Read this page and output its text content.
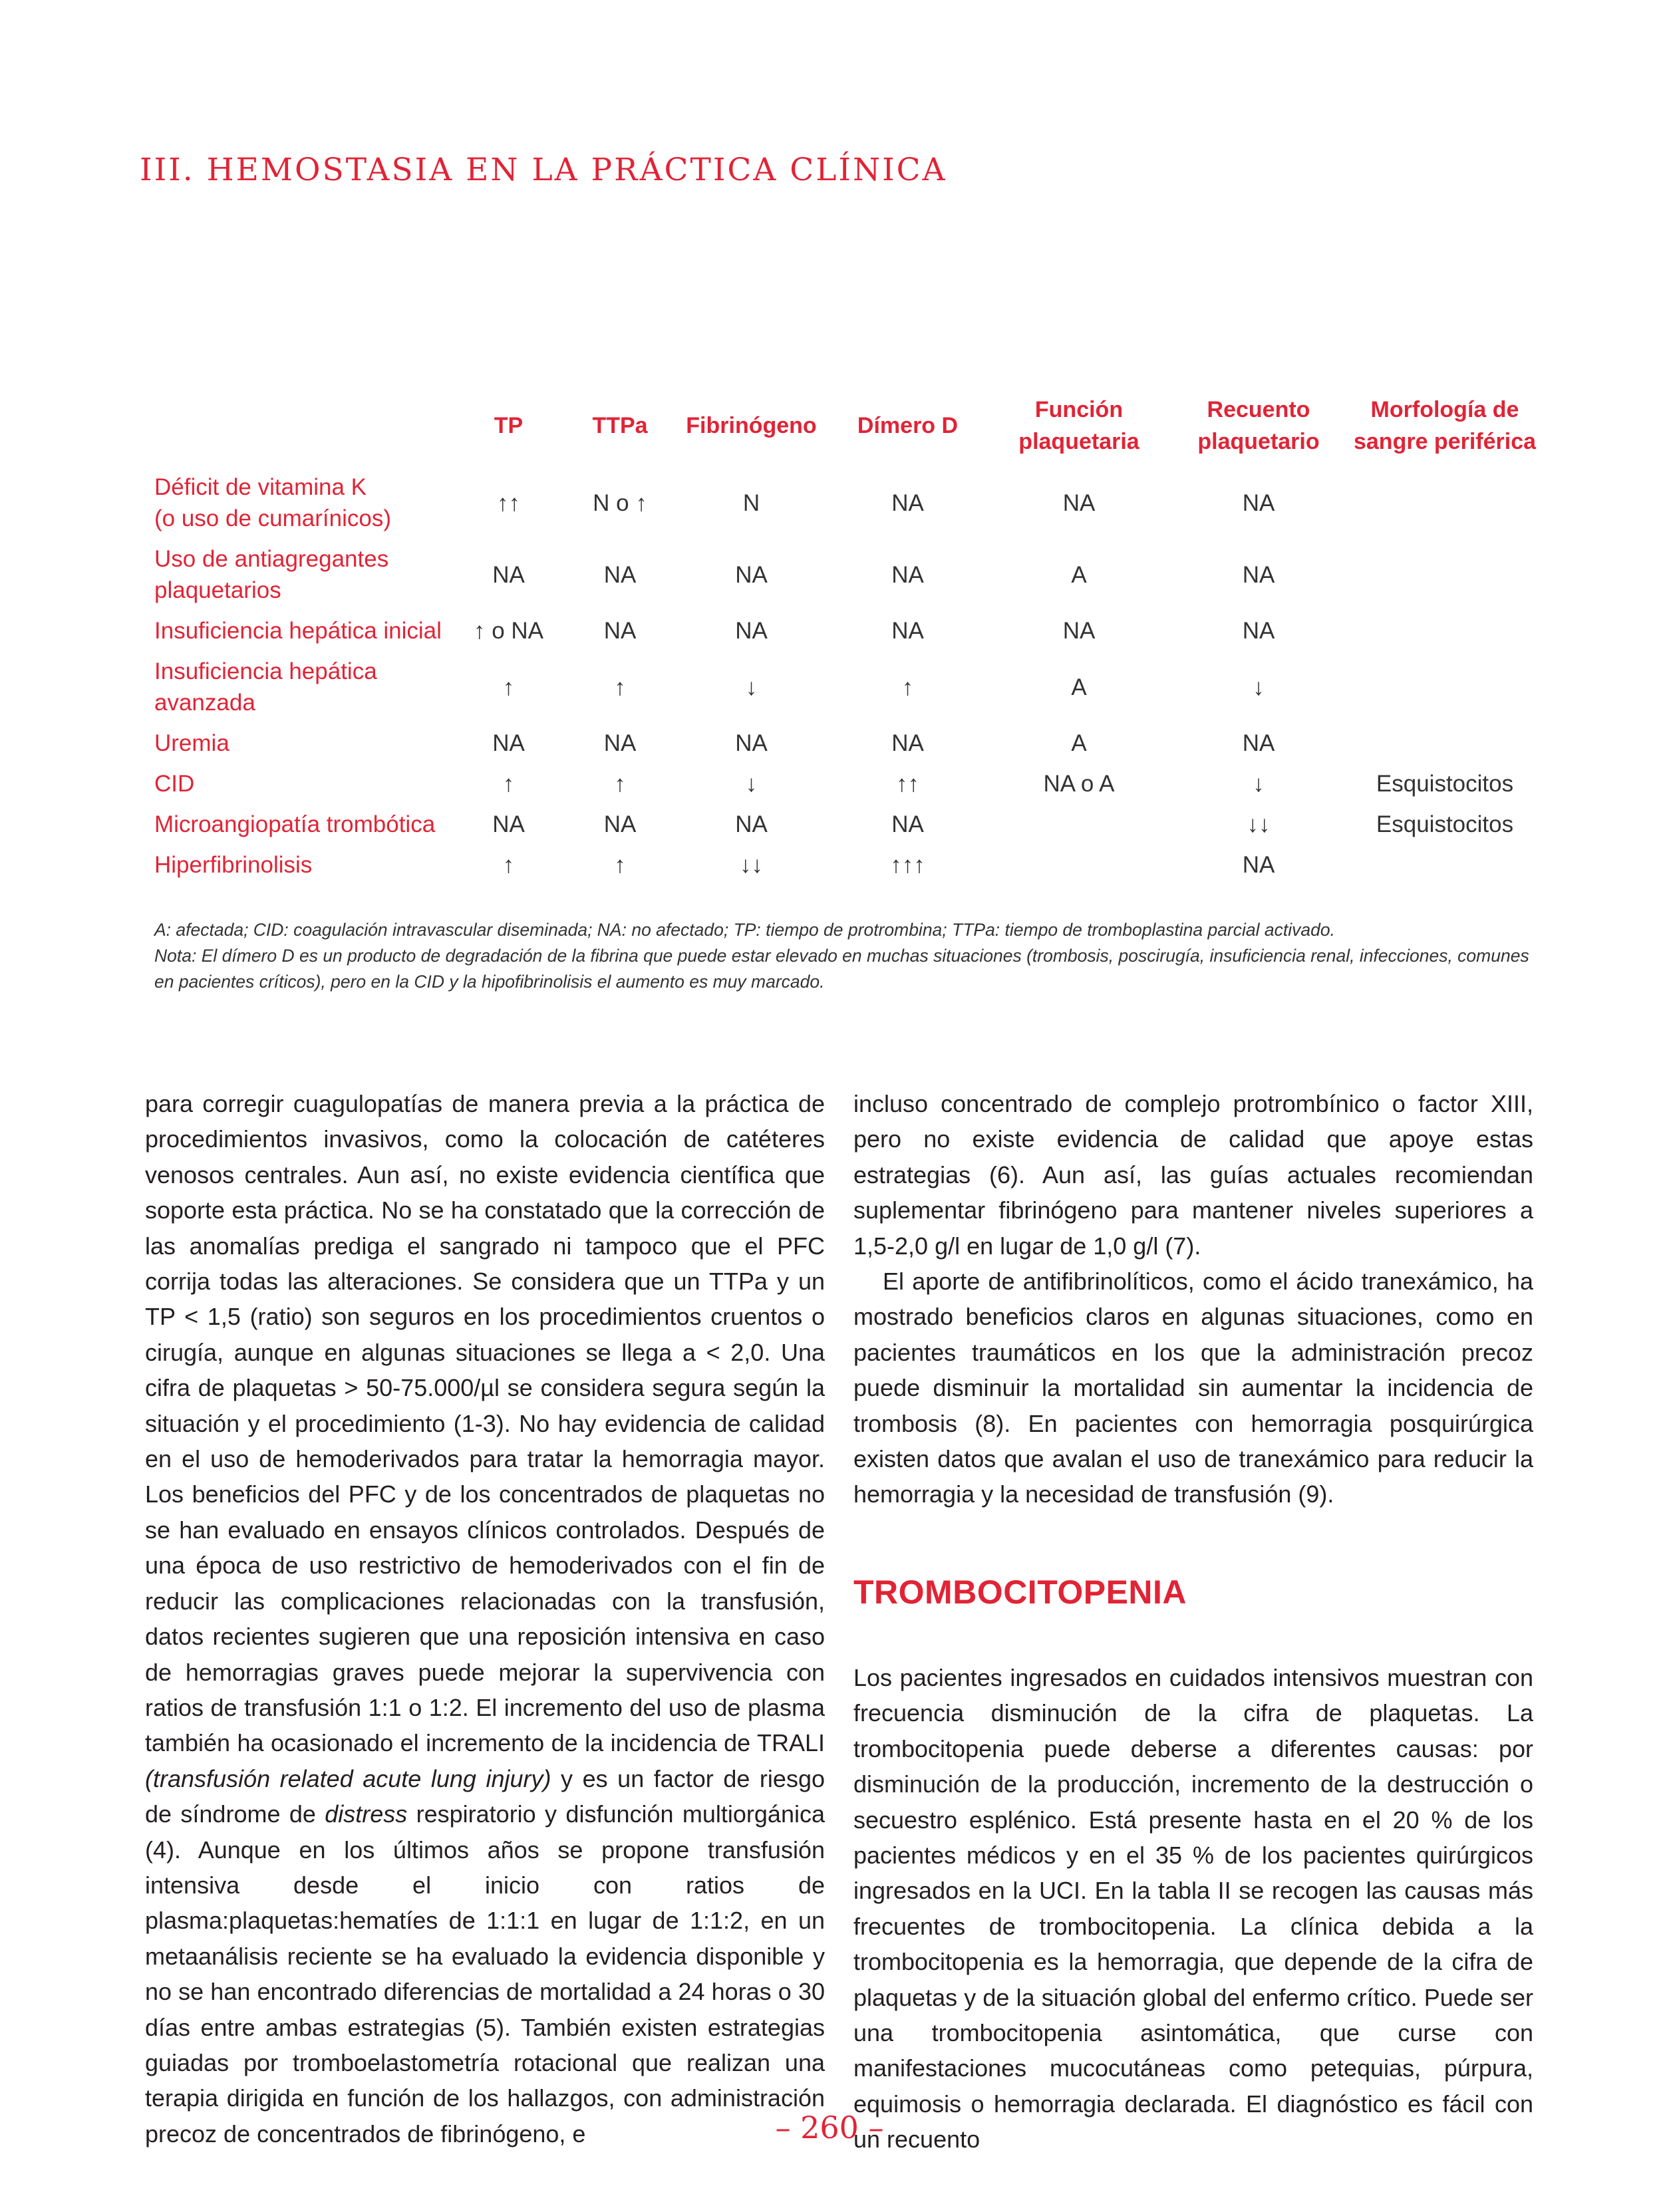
III. HEMOSTASIA EN LA PRÁCTICA CLÍNICA
	TP	TTPa	Fibrinógeno	Dímero D	Función plaquetaria	Recuento plaquetario	Morfología de sangre periférica
Déficit de vitamina K
(o uso de cumarínicos)	↑↑	N o ↑	N	NA	NA	NA	
Uso de antiagregantes
plaquetarios	NA	NA	NA	NA	A	NA	
Insuficiencia hepática inicial	↑ o NA	NA	NA	NA	NA	NA	
Insuficiencia hepática
avanzada	↑	↑	↓	↑	A	↓	
Uremia	NA	NA	NA	NA	A	NA	
CID	↑	↑	↓	↑↑	NA o A	↓	Esquistocitos
Microangiopatía trombótica	NA	NA	NA	NA		↓↓	Esquistocitos
Hiperfibrinolisis	↑	↑	↓↓	↑↑↑		NA	

A: afectada; CID: coagulación intravascular diseminada; NA: no afectado; TP: tiempo de protrombina; TTPa: tiempo de tromboplastina parcial activado.

Nota: El dímero D es un producto de degradación de la fibrina que puede estar elevado en muchas situaciones (trombosis, poscirugía, insuficiencia renal, infecciones, comunes en pacientes críticos), pero en la CID y la hipofibrinolisis el aumento es muy marcado.

para corregir cuagulopatías de manera previa a la práctica de procedimientos invasivos, como la colocación de catéteres venosos centrales. Aun así, no existe evidencia científica que soporte esta práctica. No se ha constatado que la corrección de las anomalías prediga el sangrado ni tampoco que el PFC corrija todas las alteraciones. Se considera que un TTPa y un TP < 1,5 (ratio) son seguros en los procedimientos cruentos o cirugía, aunque en algunas situaciones se llega a < 2,0. Una cifra de plaquetas > 50-75.000/µl se considera segura según la situación y el procedimiento (1-3). No hay evidencia de calidad en el uso de hemoderivados para tratar la hemorragia mayor. Los beneficios del PFC y de los concentrados de plaquetas no se han evaluado en ensayos clínicos controlados. Después de una época de uso restrictivo de hemoderivados con el fin de reducir las complicaciones relacionadas con la transfusión, datos recientes sugieren que una reposición intensiva en caso de hemorragias graves puede mejorar la supervivencia con ratios de transfusión 1:1 o 1:2. El incremento del uso de plasma también ha ocasionado el incremento de la incidencia de TRALI (transfusión related acute lung injury) y es un factor de riesgo de síndrome de distress respiratorio y disfunción multiorgánica (4). Aunque en los últimos años se propone transfusión intensiva desde el inicio con ratios de plasma:plaquetas:hematíes de 1:1:1 en lugar de 1:1:2, en un metaanálisis reciente se ha evaluado la evidencia disponible y no se han encontrado diferencias de mortalidad a 24 horas o 30 días entre ambas estrategias (5). También existen estrategias guiadas por tromboelastometría rotacional que realizan una terapia dirigida en función de los hallazgos, con administración precoz de concentrados de fibrinógeno, e

incluso concentrado de complejo protrombínico o factor XIII, pero no existe evidencia de calidad que apoye estas estrategias (6). Aun así, las guías actuales recomiendan suplementar fibrinógeno para mantener niveles superiores a 1,5-2,0 g/l en lugar de 1,0 g/l (7).

El aporte de antifibrinolíticos, como el ácido tranexámico, ha mostrado beneficios claros en algunas situaciones, como en pacientes traumáticos en los que la administración precoz puede disminuir la mortalidad sin aumentar la incidencia de trombosis (8). En pacientes con hemorragia posquirúrgica existen datos que avalan el uso de tranexámico para reducir la hemorragia y la necesidad de transfusión (9).

TROMBOCITOPENIA

Los pacientes ingresados en cuidados intensivos muestran con frecuencia disminución de la cifra de plaquetas. La trombocitopenia puede deberse a diferentes causas: por disminución de la producción, incremento de la destrucción o secuestro esplénico. Está presente hasta en el 20 % de los pacientes médicos y en el 35 % de los pacientes quirúrgicos ingresados en la UCI. En la tabla II se recogen las causas más frecuentes de trombocitopenia. La clínica debida a la trombocitopenia es la hemorragia, que depende de la cifra de plaquetas y de la situación global del enfermo crítico. Puede ser una trombocitopenia asintomática, que curse con manifestaciones mucocutáneas como petequias, púrpura, equimosis o hemorragia declarada. El diagnóstico es fácil con un recuento

– 260 –
